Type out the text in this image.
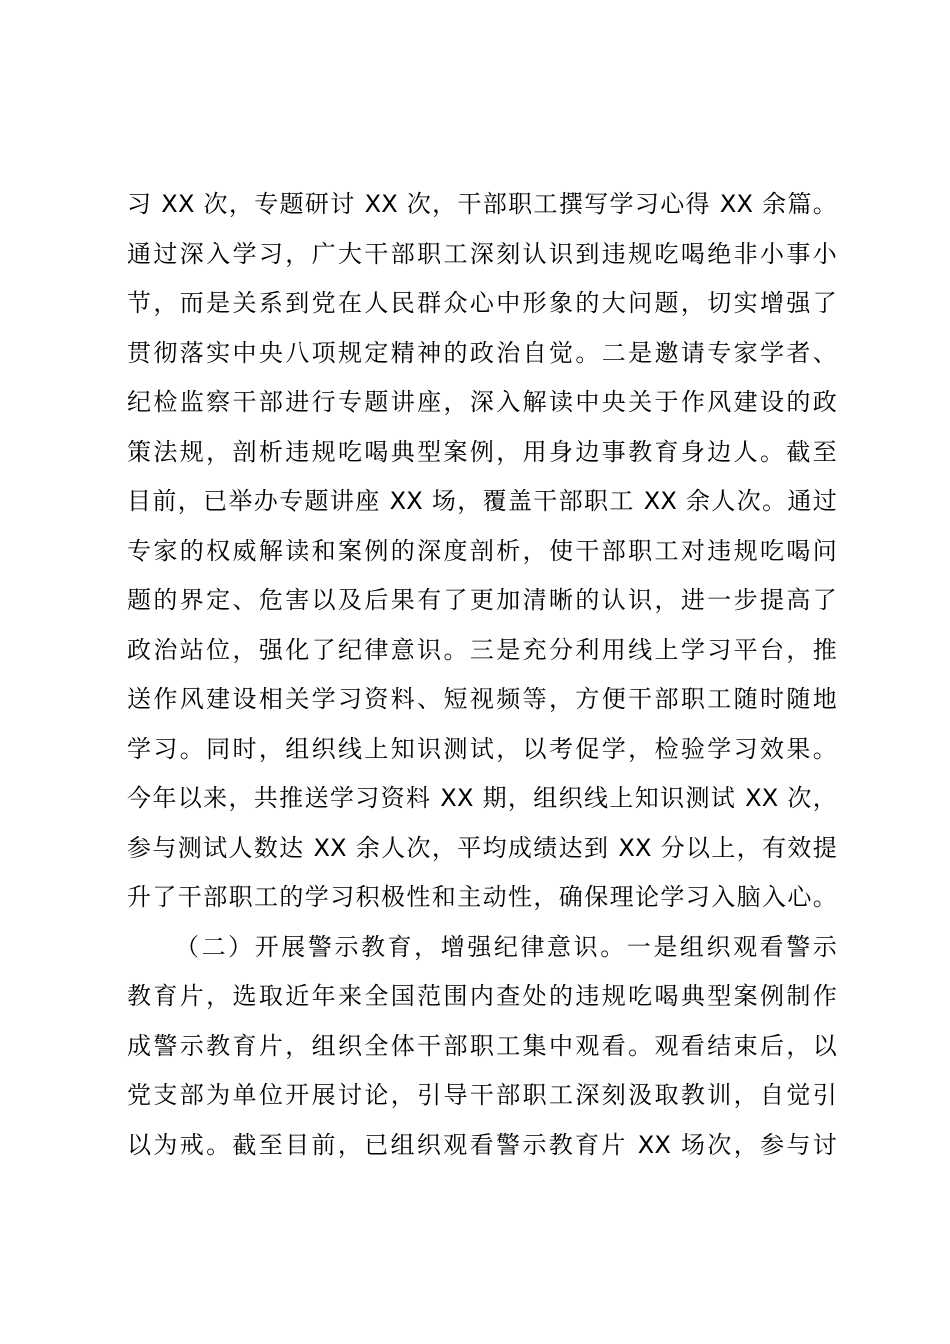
习 XX 次，专题研讨 XX 次，干部职工撰写学习心得 XX 余篇。
通过深入学习，广大干部职工深刻认识到违规吃喝绝非小事小
节，而是关系到党在人民群众心中形象的大问题，切实增强了
贯彻落实中央八项规定精神的政治自觉。二是邀请专家学者、
纪检监察干部进行专题讲座，深入解读中央关于作风建设的政
策法规，剖析违规吃喝典型案例，用身边事教育身边人。截至
目前，已举办专题讲座 XX 场，覆盖干部职工 XX 余人次。通过
专家的权威解读和案例的深度剖析，使干部职工对违规吃喝问
题的界定、危害以及后果有了更加清晰的认识，进一步提高了
政治站位，强化了纪律意识。三是充分利用线上学习平台，推
送作风建设相关学习资料、短视频等，方便干部职工随时随地
学习。同时，组织线上知识测试，以考促学，检验学习效果。
今年以来，共推送学习资料 XX 期，组织线上知识测试 XX 次，
参与测试人数达 XX 余人次，平均成绩达到 XX 分以上，有效提
升了干部职工的学习积极性和主动性，确保理论学习入脑入心。
（二）开展警示教育，增强纪律意识。一是组织观看警示
教育片，选取近年来全国范围内查处的违规吃喝典型案例制作
成警示教育片，组织全体干部职工集中观看。观看结束后，以
党支部为单位开展讨论，引导干部职工深刻汲取教训，自觉引
以为戒。截至目前，已组织观看警示教育片 XX 场次，参与讨
